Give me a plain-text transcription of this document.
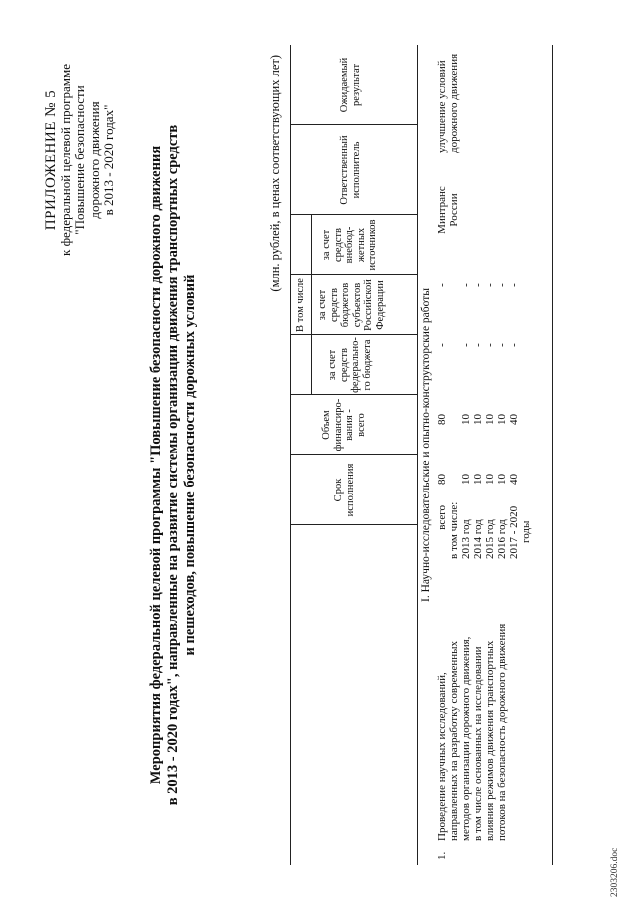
ПРИЛОЖЕНИЕ № 5
к федеральной целевой программе "Повышение безопасности дорожного движения в 2013 - 2020 годах" Мероприятия федеральной целевой программы "Повышение безопасности дорожного движения в 2013 - 2020 годах", направленные на развитие системы организации движения транспортных средств и пешеходов, повышение безопасности дорожных условий
(млн. рублей, в ценах соответствующих лет)
Срок исполнения
Объем финансиро- вания - всего
В том числе
за счет средств федерально- го бюджета
за счет средств бюджетов субъектов Российской Федерации
за счет средств внебюд- жетных источников
Ответственный исполнитель
Ожидаемый результат
I. Научно-исследовательские и опытно-конструкторские работы
1.
Проведение научных исследований, направленных на разработку современных методов организации дорожного движения, в том числе основанных на исследовании влияния режимов движения транспортных потоков на безопасность дорожного движения
всего в том числе: 2013 год 2014 год 2015 год 2016 год 2017 - 2020 годы
80
10 10 10 10 40
80
10 10 10 10 40
-
- - - - -
-
- - - - -
Минтранс России
улучшение условий дорожного движения
2303206.doc
